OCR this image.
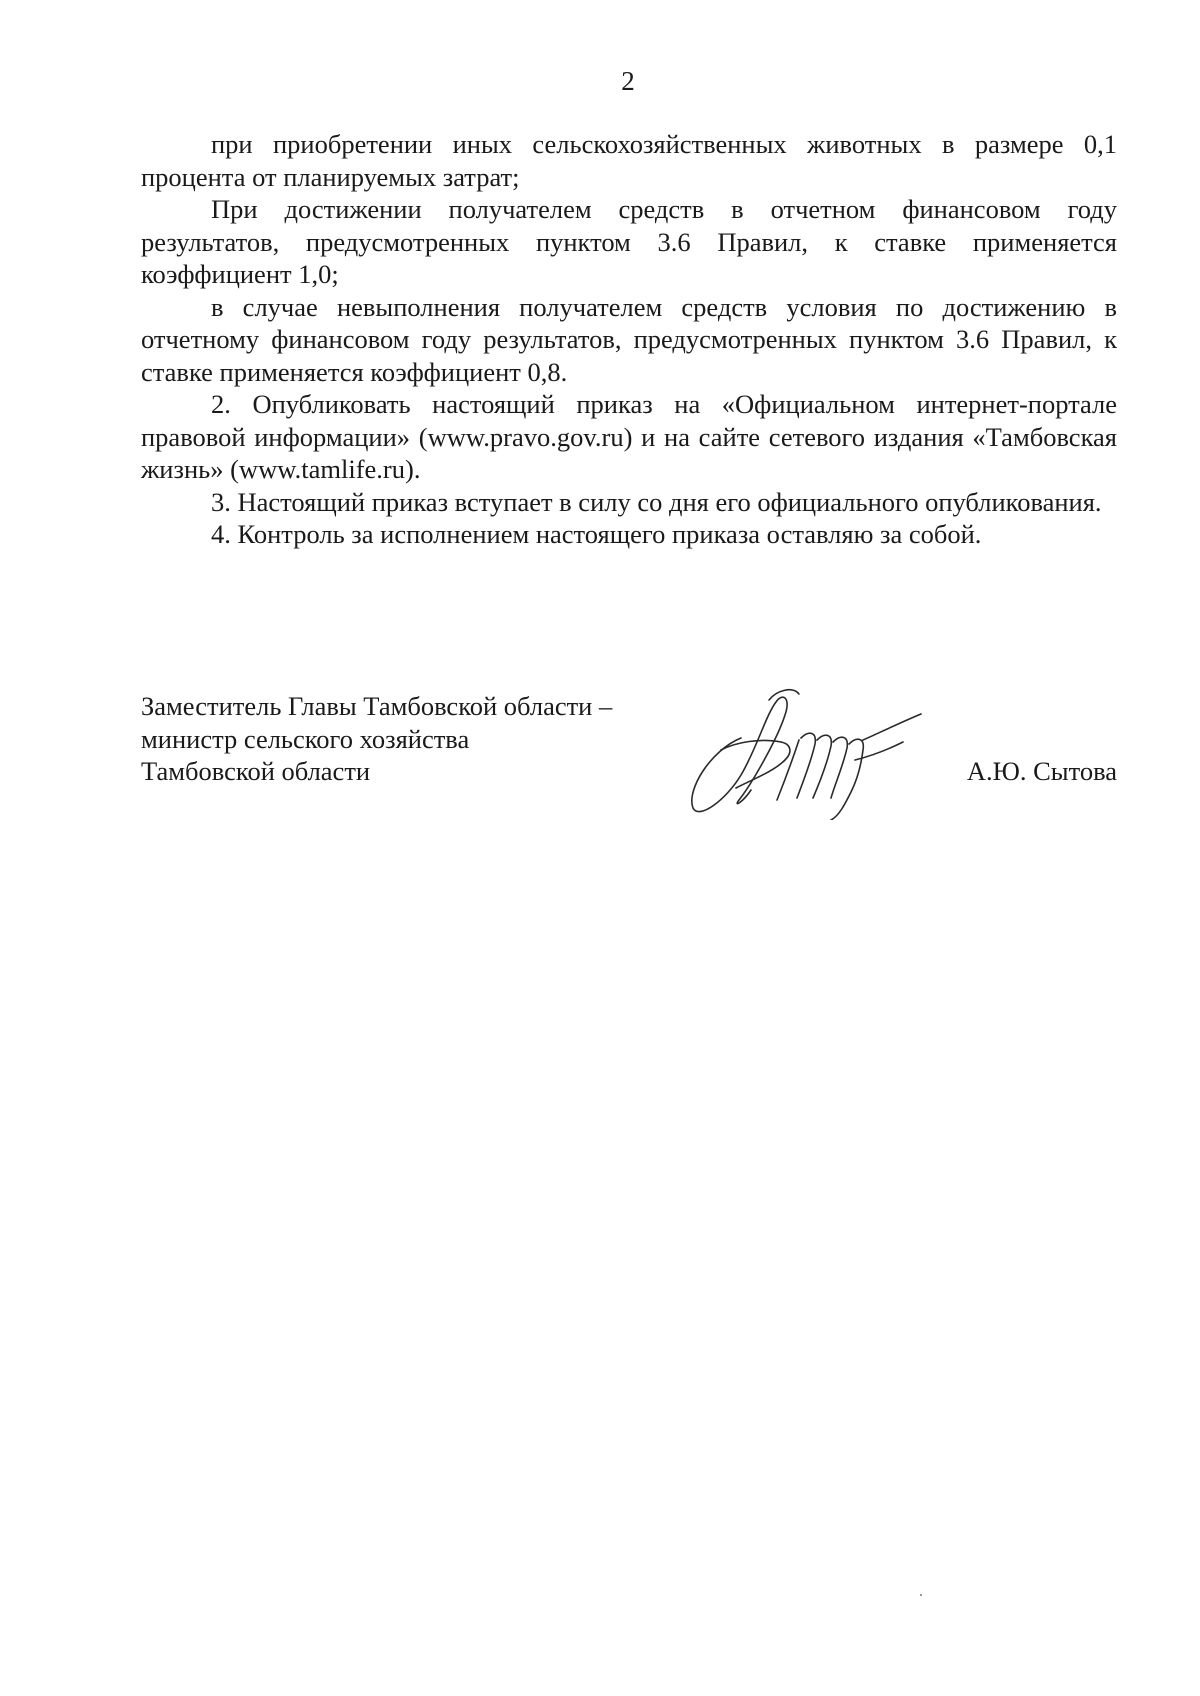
2

при приобретении иных сельскохозяйственных животных в размере 0,1 процента от планируемых затрат;

При достижении получателем средств в отчетном финансовом году результатов, предусмотренных пунктом 3.6 Правил, к ставке применяется коэффициент 1,0;

в случае невыполнения получателем средств условия по достижению в отчетному финансовом году результатов, предусмотренных пунктом 3.6 Правил, к ставке применяется коэффициент 0,8.

2. Опубликовать настоящий приказ на «Официальном интернет-портале правовой информации» (www.pravo.gov.ru) и на сайте сетевого издания «Тамбовская жизнь» (www.tamlife.ru).

3. Настоящий приказ вступает в силу со дня его официального опубликования.

4. Контроль за исполнением настоящего приказа оставляю за собой.

Заместитель Главы Тамбовской области –
министр сельского хозяйства
Тамбовской области	А.Ю. Сытова
